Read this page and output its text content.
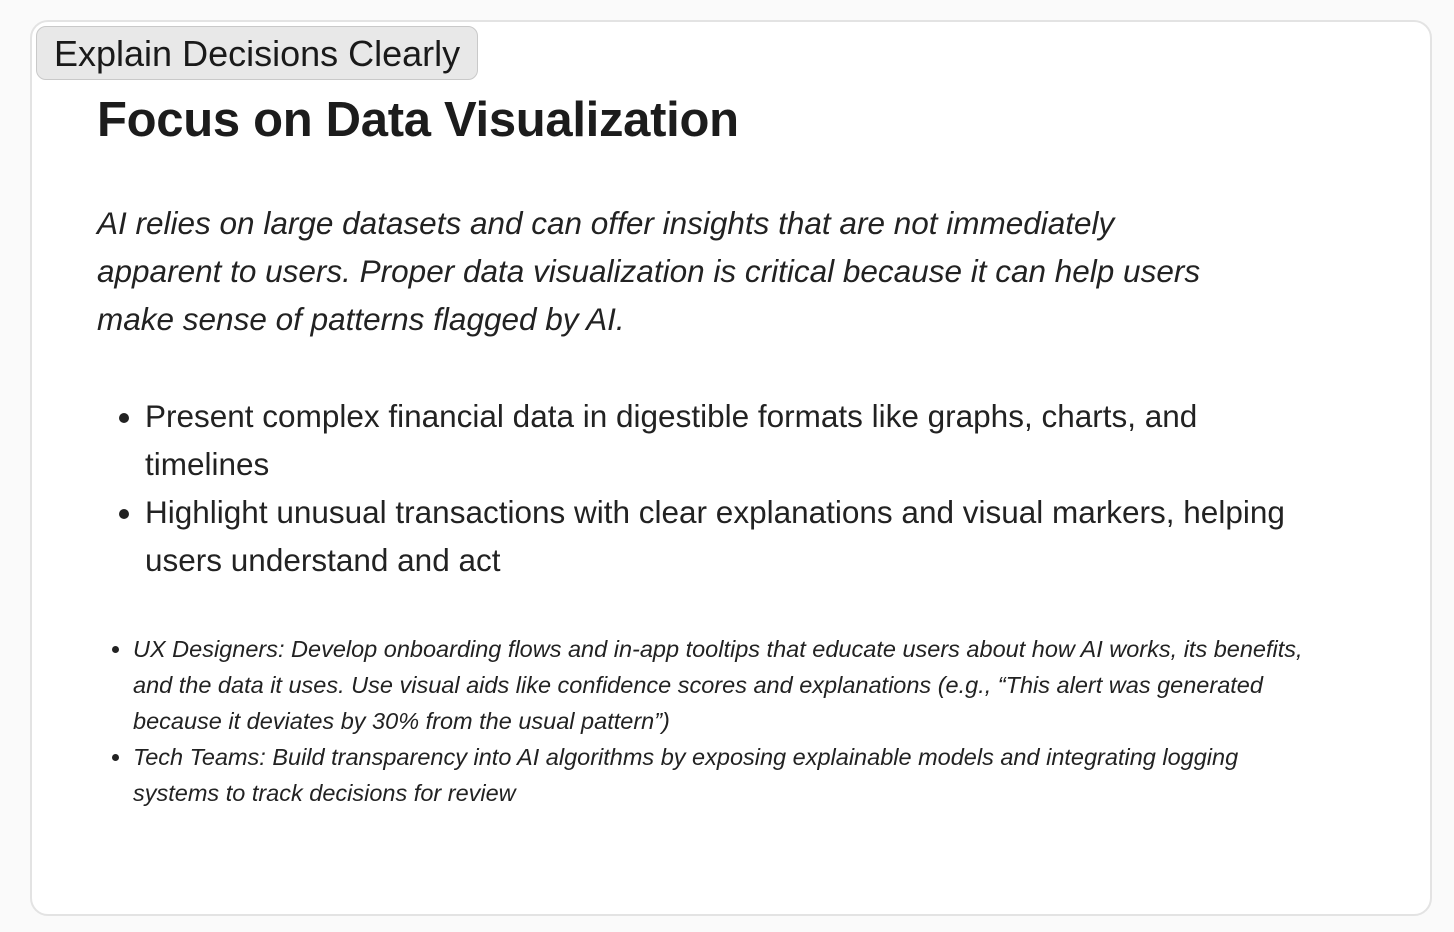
Explain Decisions Clearly
Focus on Data Visualization

AI relies on large datasets and can offer insights that are not immediately apparent to users. Proper data visualization is critical because it can help users make sense of patterns flagged by AI.

• Present complex financial data in digestible formats like graphs, charts, and timelines
• Highlight unusual transactions with clear explanations and visual markers, helping users understand and act
• UX Designers: Develop onboarding flows and in-app tooltips that educate users about how AI works, its benefits, and the data it uses. Use visual aids like confidence scores and explanations (e.g., “This alert was generated because it deviates by 30% from the usual pattern”)
• Tech Teams: Build transparency into AI algorithms by exposing explainable models and integrating logging systems to track decisions for review
